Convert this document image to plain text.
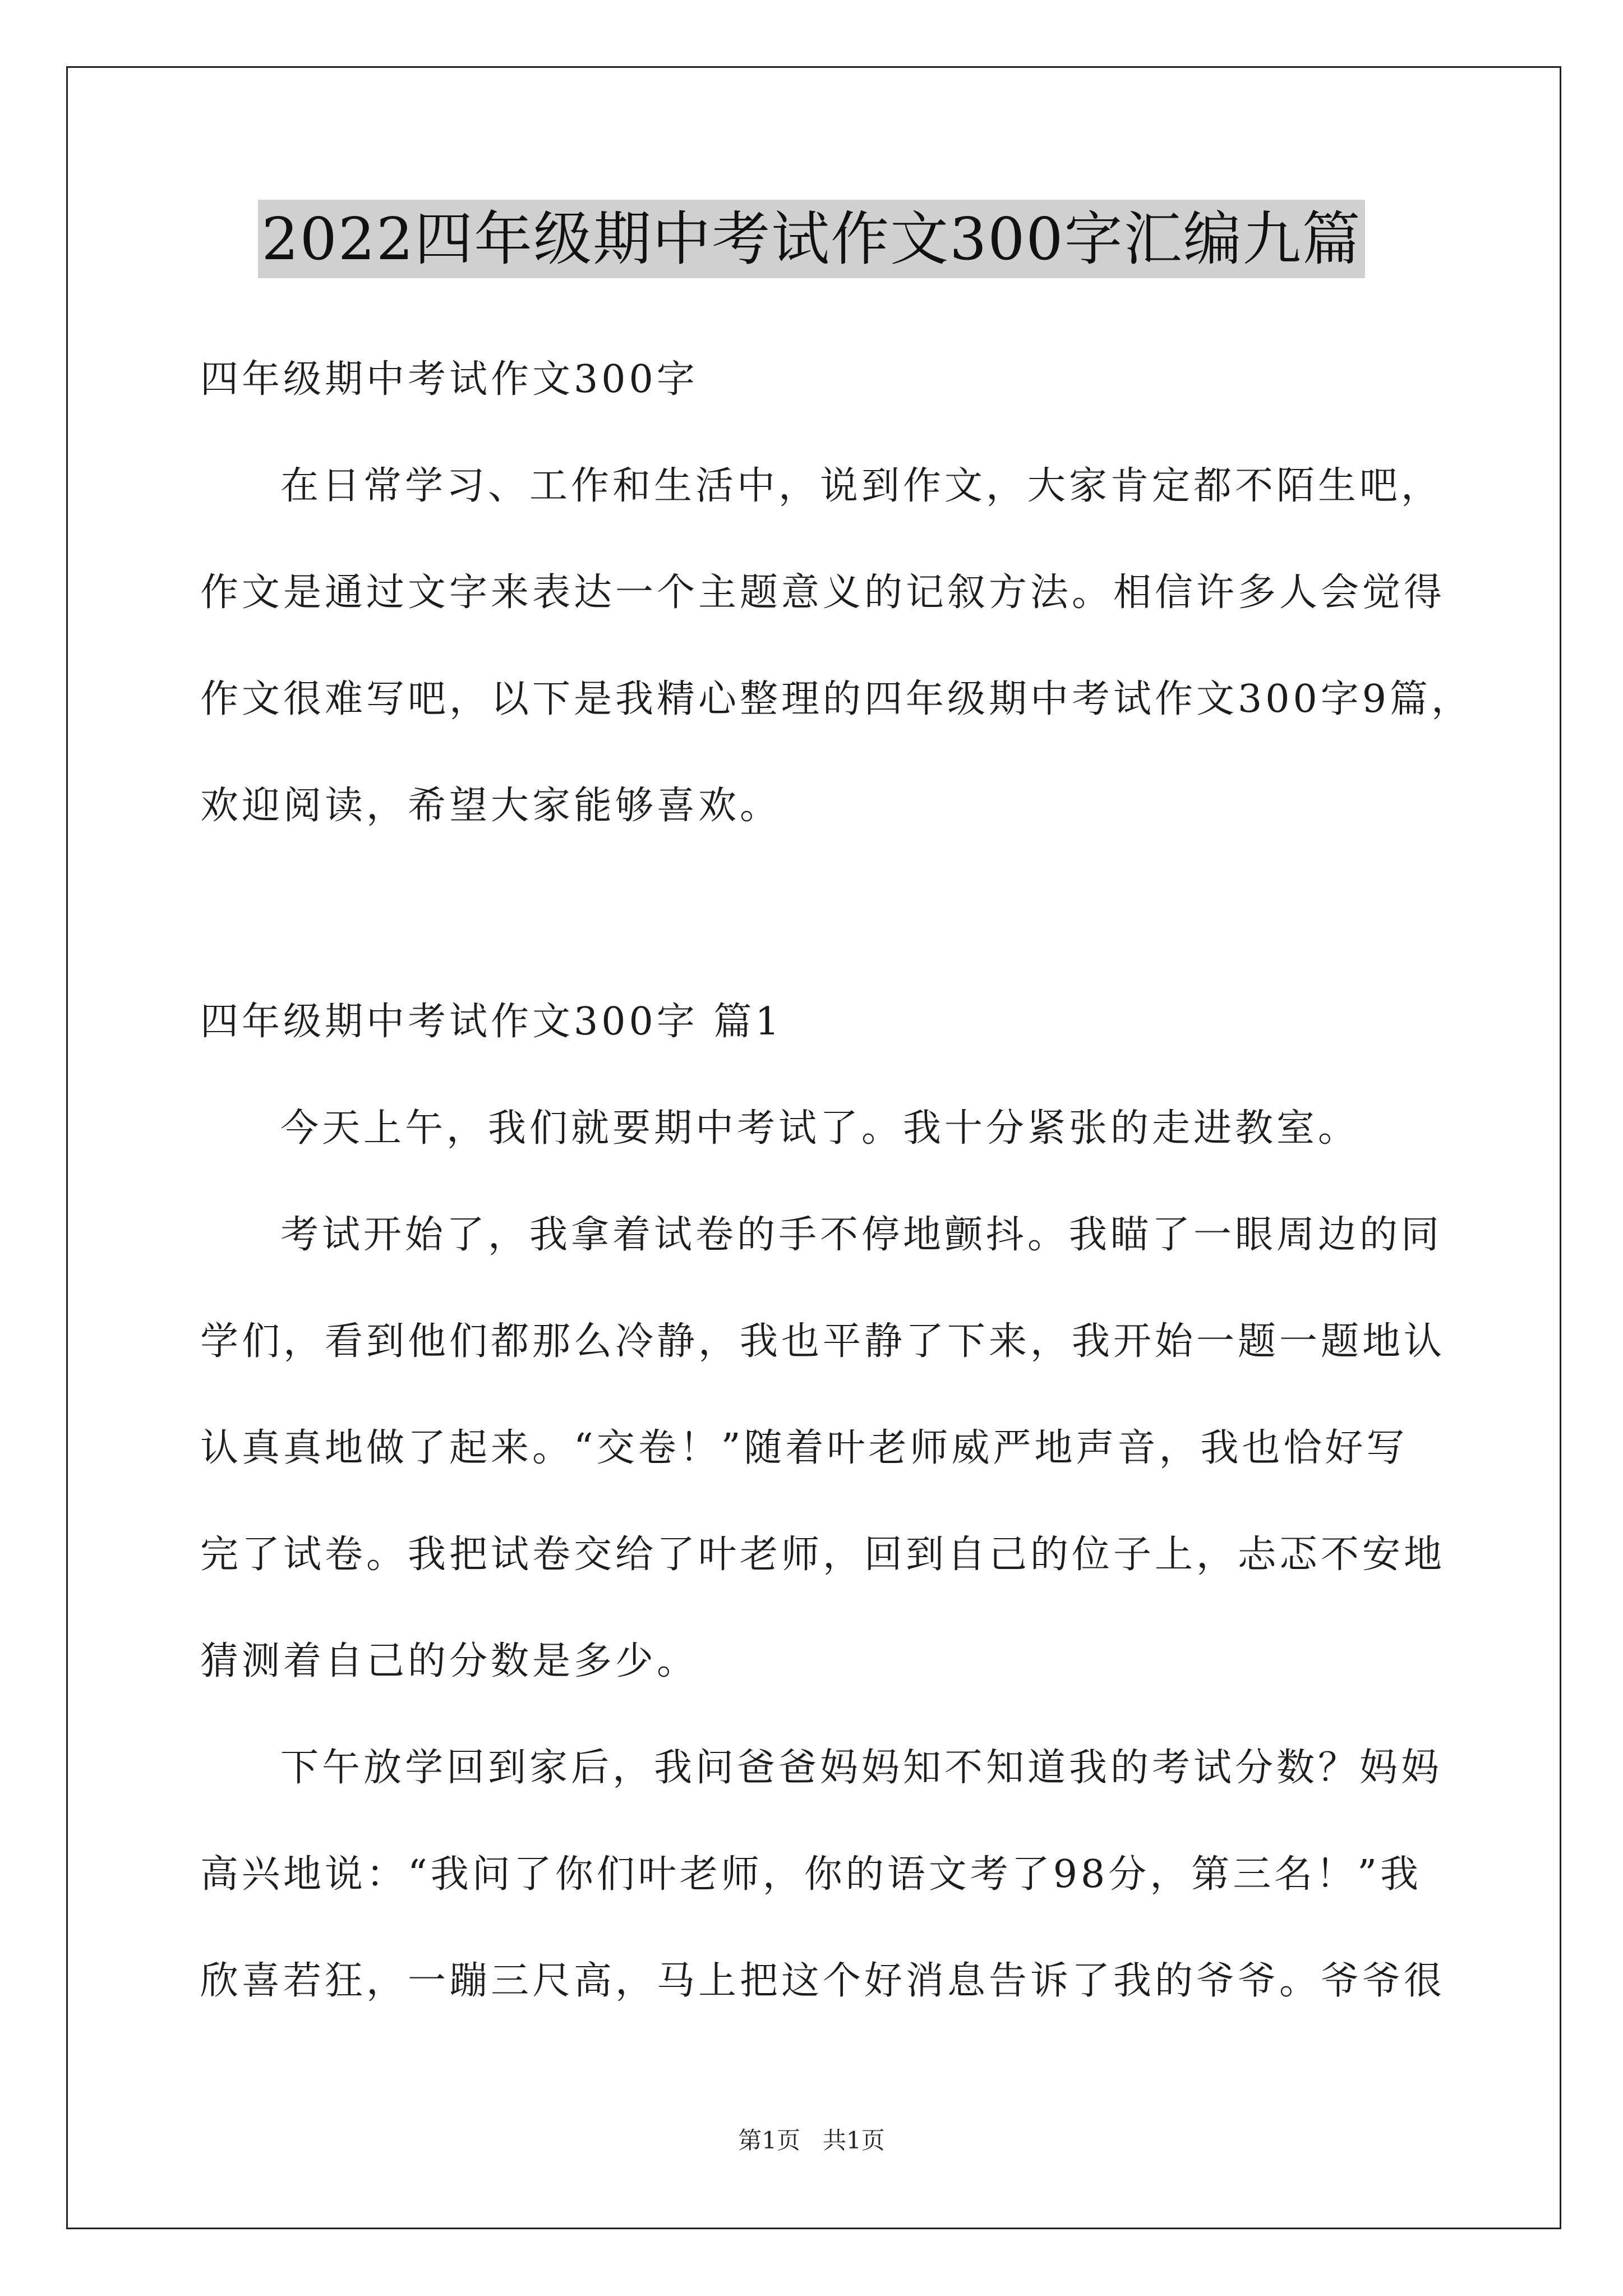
2022四年级期中考试作文300字汇编九篇
四年级期中考试作文300字
在日常学习、工作和生活中，说到作文，大家肯定都不陌生吧，
作文是通过文字来表达一个主题意义的记叙方法。相信许多人会觉得
作文很难写吧，以下是我精心整理的四年级期中考试作文300字9篇，
欢迎阅读，希望大家能够喜欢。
四年级期中考试作文300字 篇1
今天上午，我们就要期中考试了。我十分紧张的走进教室。
考试开始了，我拿着试卷的手不停地颤抖。我瞄了一眼周边的同
学们，看到他们都那么冷静，我也平静了下来，我开始一题一题地认
认真真地做了起来。“交卷！”随着叶老师威严地声音，我也恰好写
完了试卷。我把试卷交给了叶老师，回到自己的位子上，忐忑不安地
猜测着自己的分数是多少。
下午放学回到家后，我问爸爸妈妈知不知道我的考试分数？妈妈
高兴地说：“我问了你们叶老师，你的语文考了98分，第三名！”我
欣喜若狂，一蹦三尺高，马上把这个好消息告诉了我的爷爷。爷爷很
第1页   共1页
